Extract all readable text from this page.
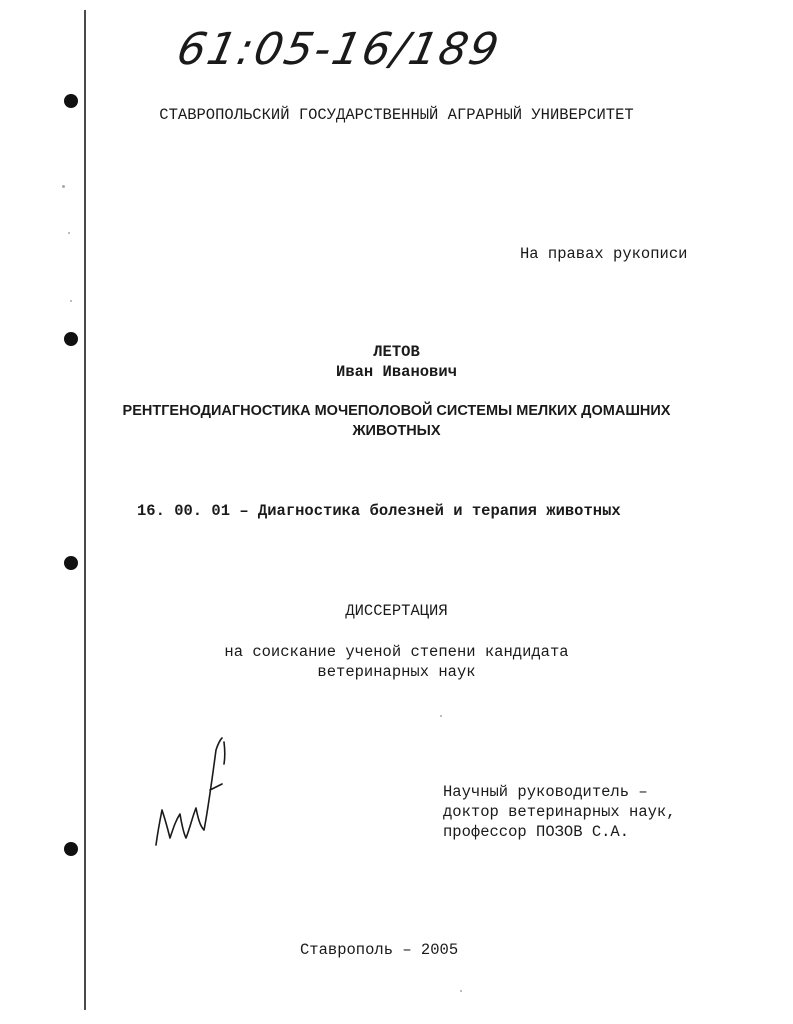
61:05-16/189
СТАВРОПОЛЬСКИЙ ГОСУДАРСТВЕННЫЙ АГРАРНЫЙ УНИВЕРСИТЕТ
На правах рукописи
ЛЕТОВ
Иван Иванович
РЕНТГЕНОДИАГНОСТИКА МОЧЕПОЛОВОЙ СИСТЕМЫ МЕЛКИХ ДОМАШНИХ
ЖИВОТНЫХ
16. 00. 01 – Диагностика болезней и терапия животных
ДИССЕРТАЦИЯ
на соискание ученой степени кандидата
ветеринарных наук
Научный руководитель –
доктор ветеринарных наук,
профессор ПОЗОВ С.А.
Ставрополь – 2005
